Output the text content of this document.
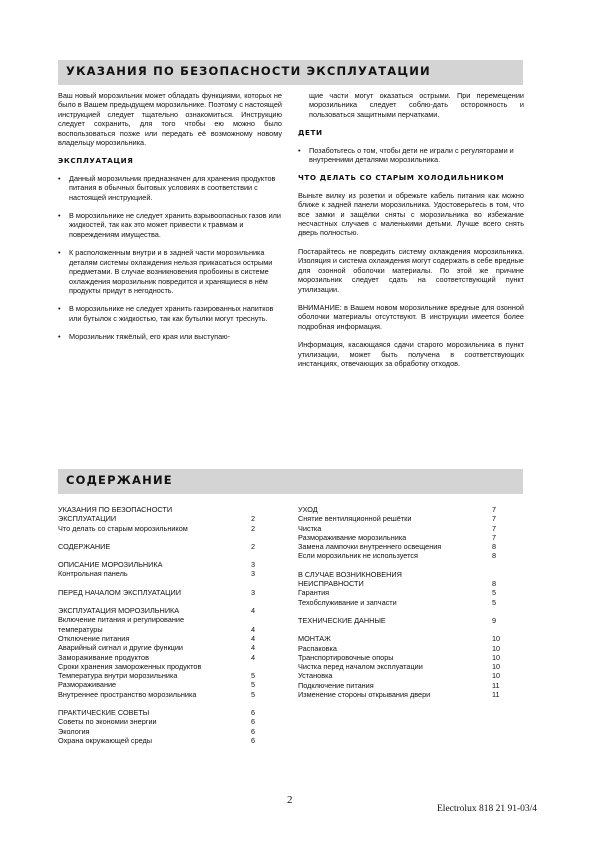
УКАЗАНИЯ ПО БЕЗОПАСНОСТИ ЭКСПЛУАТАЦИИ

Ваш новый морозильник может обладать функциями, которых не было в Вашем предыдущем морозильнике. Поэтому с настоящей инструкцией следует тщательно ознакомиться. Инструкцию следует сохранить, для того чтобы ею можно было воспользоваться позже или передать её возможному новому владельцу морозильника.

ЭКСПЛУАТАЦИЯ
• Данный морозильник предназначен для хранения продуктов питания в обычных бытовых условиях в соответствии с настоящей инструкцией.
• В морозильнике не следует хранить взрывоопасных газов или жидкостей, так как это может привести к травмам и повреждениям имущества.
• К расположенным внутри и в задней части морозильника деталям системы охлаждения нельзя прикасаться острыми предметами. В случае возникновения пробоины в системе охлаждения морозильник повредится и хранящиеся в нём продукты придут в негодность.
• В морозильнике не следует хранить газированных напитков или бутылок с жидкостью, так как бутылки могут треснуть.
• Морозильник тяжёлый, его края или выступаю-

щие части могут оказаться острыми. При перемещении морозильника следует соблю-дать осторожность и пользоваться защитными перчатками.

ДЕТИ
• Позаботьтесь о том, чтобы дети не играли с регуляторами и внутренними деталями морозильника.
ЧТО ДЕЛАТЬ СО СТАРЫМ ХОЛОДИЛЬНИКОМ

Выньте вилку из розетки и обрежьте кабель питания как можно ближе к задней панели морозильника. Удостоверьтесь в том, что все замки и защёлки сняты с морозильника во избежание несчастных случаев с маленькими детьми. Лучше всего снять дверь полностью.

Постарайтесь не повредить систему охлаждения морозильника. Изоляция и система охлаждения могут содержать в себе вредные для озонной оболочки материалы. По этой же причине морозильник следует сдать на соответствующий пункт утилизации.

ВНИМАНИЕ: в Вашем новом морозильнике вредные для озонной оболочки материалы отсутствуют. В инструкции имеется более подробная информация.

Информация, касающаяся сдачи старого морозильника в пункт утилизации, может быть получена в соответствующих инстанциях, отвечающих за обработку отходов.

СОДЕРЖАНИЕ
УКАЗАНИЯ ПО БЕЗОПАСНОСТИ
ЭКСПЛУАТАЦИИ	2
Что делать со старым морозильником	2
СОДЕРЖАНИЕ	2
ОПИСАНИЕ МОРОЗИЛЬНИКА	3
Контрольная панель	3
ПЕРЕД НАЧАЛОМ ЭКСПЛУАТАЦИИ	3
ЭКСПЛУАТАЦИЯ МОРОЗИЛЬНИКА	4
Включение питания и регулирование
температуры	4
Отключение питания	4
Аварийный сигнал и другие функции	4
Замораживание продуктов	4
Сроки хранения замороженных продуктов
Температура внутри морозильника	5
Размораживание	5
Внутреннее пространство морозильника	5
ПРАКТИЧЕСКИЕ СОВЕТЫ	6
Советы по экономии энергии	6
Экология	6
Охрана окружающей среды	6
УХОД	7
Снятие вентиляционной решётки	7
Чистка	7
Размораживание морозильника	7
Замена лампочки внутреннего освещения	8
Если морозильник не используется	8
В СЛУЧАЕ ВОЗНИКНОВЕНИЯ
НЕИСПРАВНОСТИ	8
Гарантия	5
Техобслуживание и запчасти	5
ТЕХНИЧЕСКИЕ ДАННЫЕ	9
МОНТАЖ	10
Распаковка	10
Транспортировочные опоры	10
Чистка перед началом эксплуатации	10
Установка	10
Подключение питания	11
Изменение стороны открывания двери	11
2
Electrolux 818 21 91-03/4
